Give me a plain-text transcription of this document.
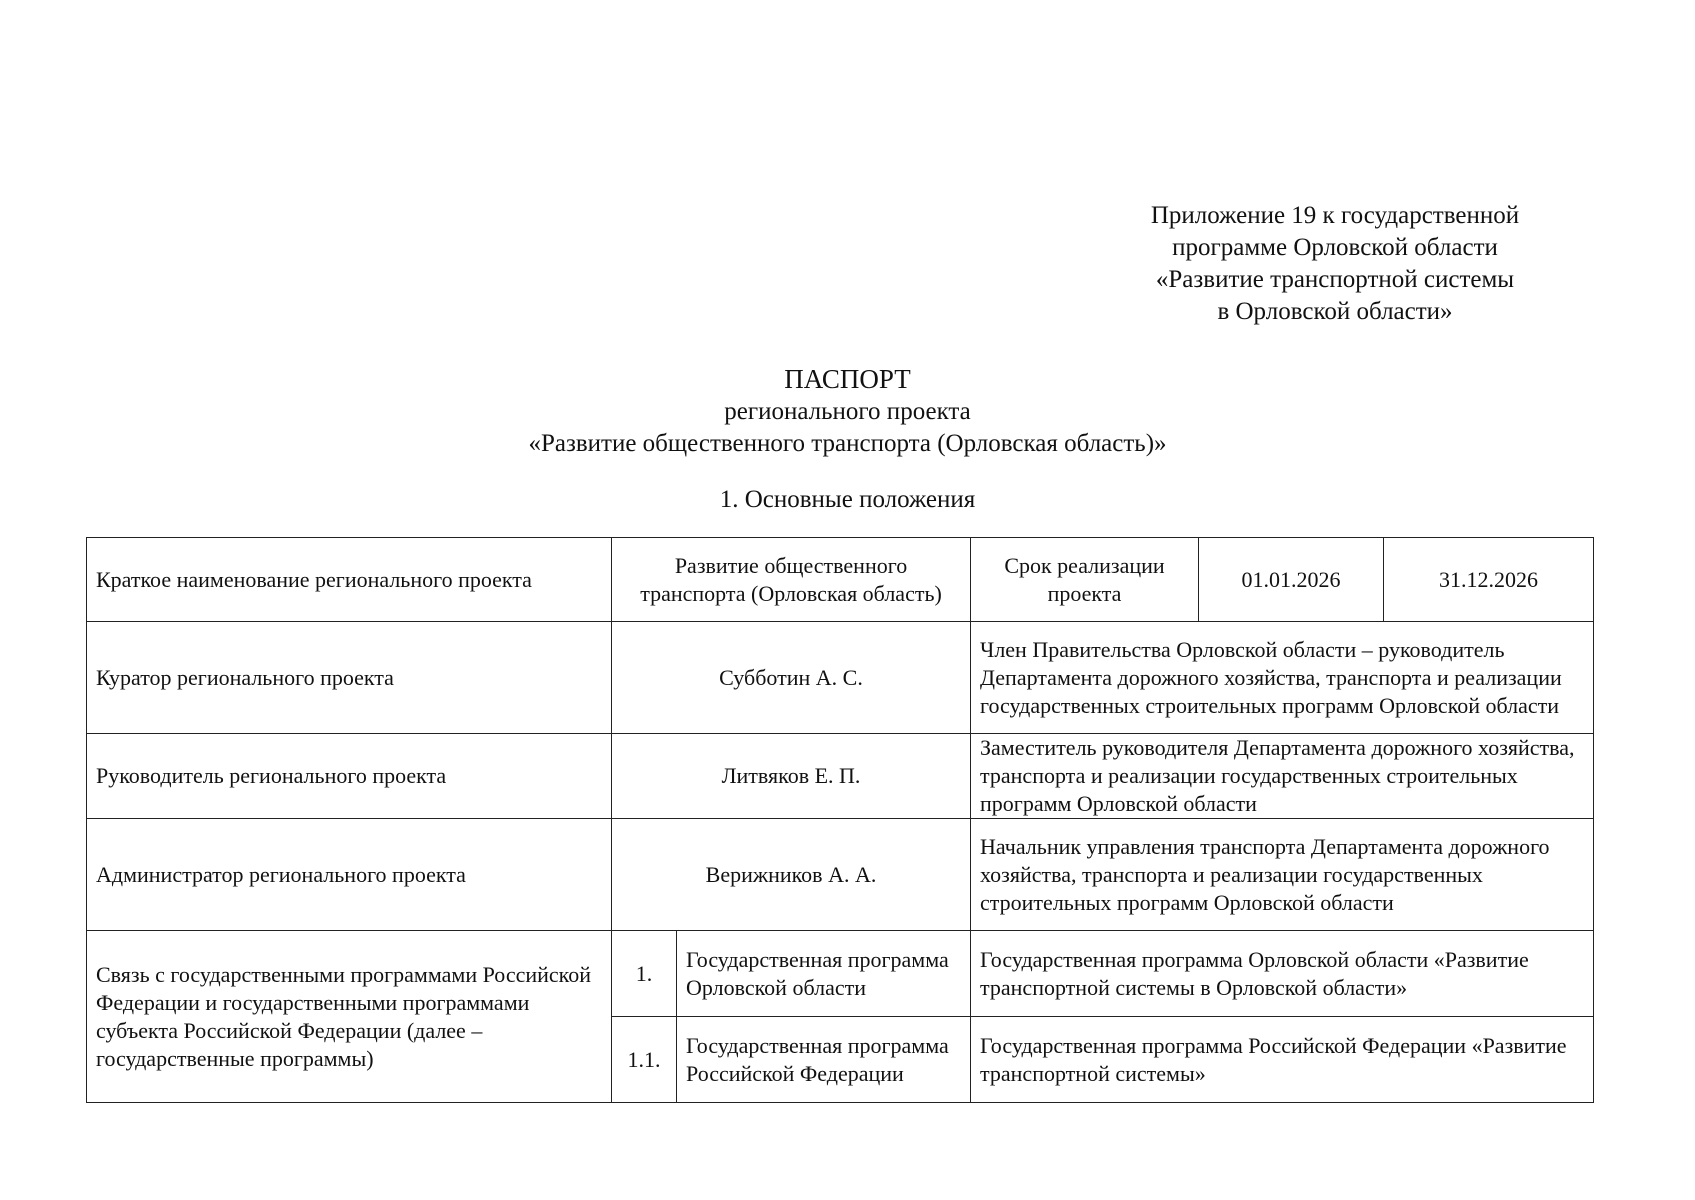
Приложение 19 к государственной
программе Орловской области
«Развитие транспортной системы
в Орловской области»
ПАСПОРТ
регионального проекта
«Развитие общественного транспорта (Орловская область)»
1. Основные положения
Краткое наименование регионального проекта	Развитие общественного транспорта (Орловская область)		Срок реализации проекта	01.01.2026	31.12.2026
Куратор регионального проекта	Субботин А. С.		Член Правительства Орловской области – руководитель Департамента дорожного хозяйства, транспорта и реализации государственных строительных программ Орловской области		
Руководитель регионального проекта	Литвяков Е. П.		Заместитель руководителя Департамента дорожного хозяйства, транспорта и реализации государственных строительных программ Орловской области		
Администратор регионального проекта	Верижников А. А.		Начальник управления транспорта Департамента дорожного хозяйства, транспорта и реализации государственных строительных программ Орловской области		
Связь с государственными программами Российской Федерации и государственными программами субъекта Российской Федерации (далее – государственные программы)	1.	Государственная программа Орловской области	Государственная программа Орловской области «Развитие транспортной системы в Орловской области»		
	1.1.	Государственная программа Российской Федерации	Государственная программа Российской Федерации «Развитие транспортной системы»		
